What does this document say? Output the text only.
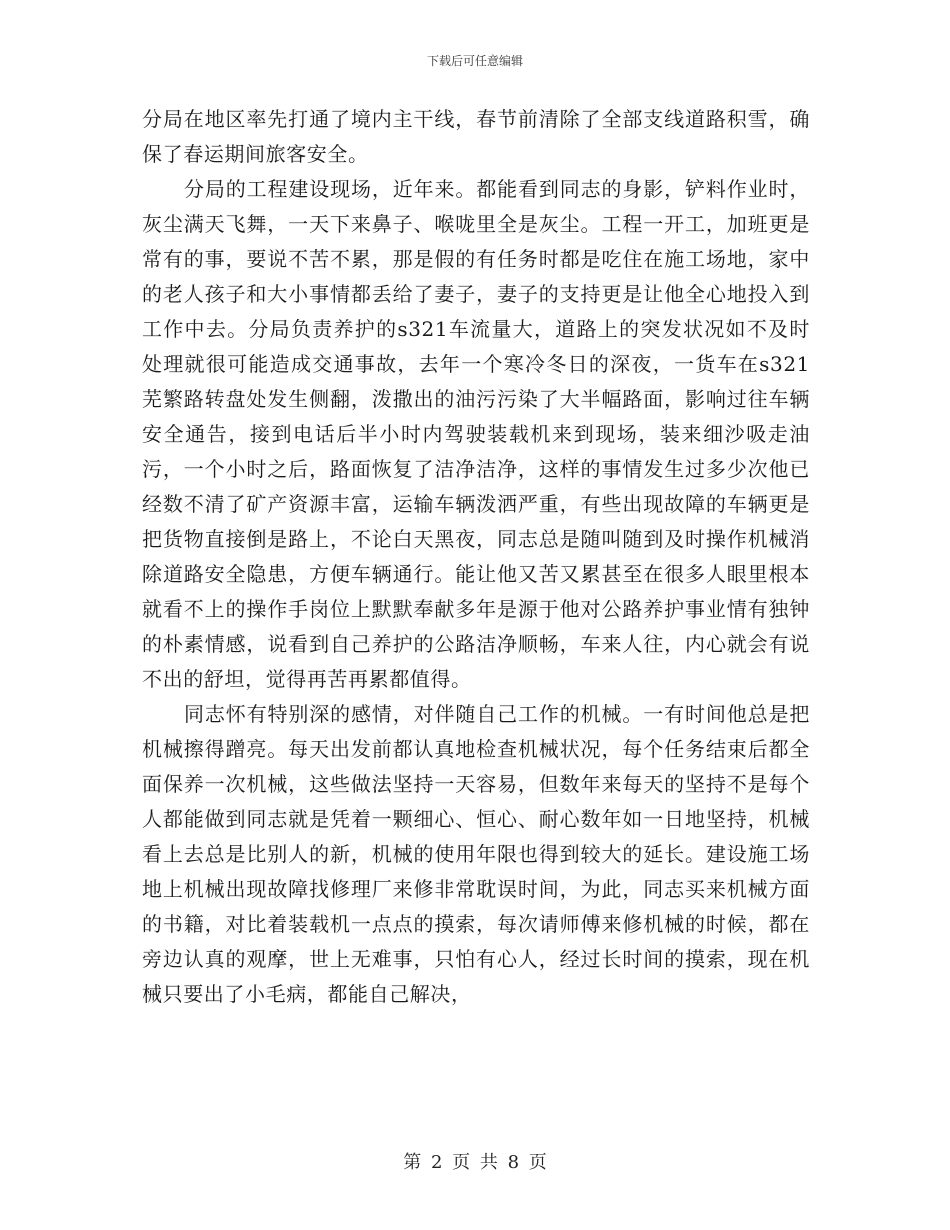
下载后可任意编辑

分局在地区率先打通了境内主干线，春节前清除了全部支线道路积雪，确保了春运期间旅客安全。

分局的工程建设现场，近年来。都能看到同志的身影，铲料作业时，灰尘满天飞舞，一天下来鼻子、喉咙里全是灰尘。工程一开工，加班更是常有的事，要说不苦不累，那是假的有任务时都是吃住在施工场地，家中的老人孩子和大小事情都丢给了妻子，妻子的支持更是让他全心地投入到工作中去。分局负责养护的s321车流量大，道路上的突发状况如不及时处理就很可能造成交通事故，去年一个寒冷冬日的深夜，一货车在s321芜繁路转盘处发生侧翻，泼撒出的油污污染了大半幅路面，影响过往车辆安全通告，接到电话后半小时内驾驶装载机来到现场，装来细沙吸走油污，一个小时之后，路面恢复了洁净洁净，这样的事情发生过多少次他已经数不清了矿产资源丰富，运输车辆泼洒严重，有些出现故障的车辆更是把货物直接倒是路上，不论白天黑夜，同志总是随叫随到及时操作机械消除道路安全隐患，方便车辆通行。能让他又苦又累甚至在很多人眼里根本就看不上的操作手岗位上默默奉献多年是源于他对公路养护事业情有独钟的朴素情感，说看到自己养护的公路洁净顺畅，车来人往，内心就会有说不出的舒坦，觉得再苦再累都值得。

同志怀有特别深的感情，对伴随自己工作的机械。一有时间他总是把机械擦得蹭亮。每天出发前都认真地检查机械状况，每个任务结束后都全面保养一次机械，这些做法坚持一天容易，但数年来每天的坚持不是每个人都能做到同志就是凭着一颗细心、恒心、耐心数年如一日地坚持，机械看上去总是比别人的新，机械的使用年限也得到较大的延长。建设施工场地上机械出现故障找修理厂来修非常耽误时间，为此，同志买来机械方面的书籍，对比着装载机一点点的摸索，每次请师傅来修机械的时候，都在旁边认真的观摩，世上无难事，只怕有心人，经过长时间的摸索，现在机械只要出了小毛病，都能自己解决，

第 2 页 共 8 页
